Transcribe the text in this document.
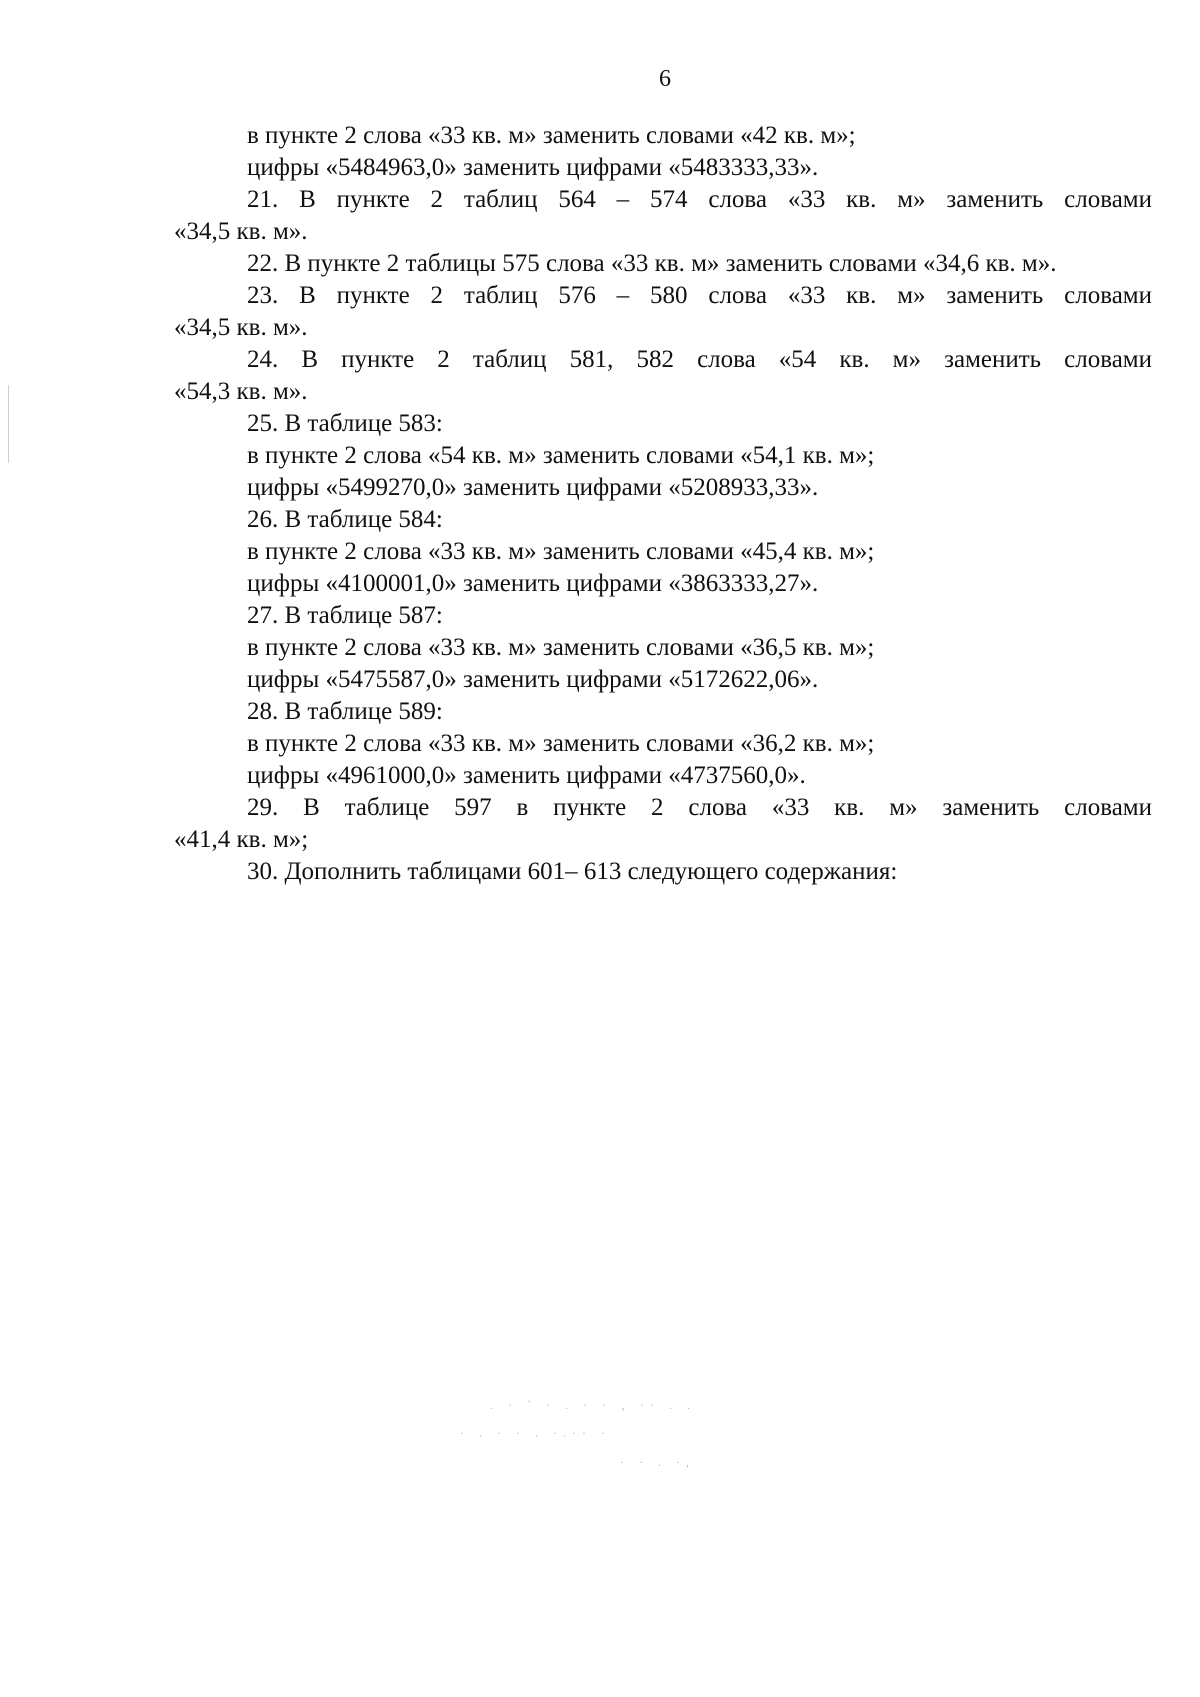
6
в пункте 2 слова «33 кв. м» заменить словами «42 кв. м»;
цифры «5484963,0» заменить цифрами «5483333,33».
21. В пункте 2 таблиц 564 – 574 слова «33 кв. м» заменить словами
«34,5 кв. м».
22. В пункте 2 таблицы 575 слова «33 кв. м» заменить словами «34,6 кв. м».
23. В пункте 2 таблиц 576 – 580 слова «33 кв. м» заменить словами
«34,5 кв. м».
24. В пункте 2 таблиц 581, 582 слова «54 кв. м» заменить словами
«54,3 кв. м».
25. В таблице 583:
в пункте 2 слова «54 кв. м» заменить словами «54,1 кв. м»;
цифры «5499270,0» заменить цифрами «5208933,33».
26. В таблице 584:
в пункте 2 слова «33 кв. м» заменить словами «45,4 кв. м»;
цифры «4100001,0» заменить цифрами «3863333,27».
27. В таблице 587:
в пункте 2 слова «33 кв. м» заменить словами «36,5 кв. м»;
цифры «5475587,0» заменить цифрами «5172622,06».
28. В таблице 589:
в пункте 2 слова «33 кв. м» заменить словами «36,2 кв. м»;
цифры «4961000,0» заменить цифрами «4737560,0».
29. В таблице 597 в пункте 2 слова «33 кв. м» заменить словами
«41,4 кв. м»;
30. Дополнить таблицами 601– 613 следующего содержания:
. · ` · . · · ‚ ·· . .
· . · · . ·.·· ·
· · . ·,
